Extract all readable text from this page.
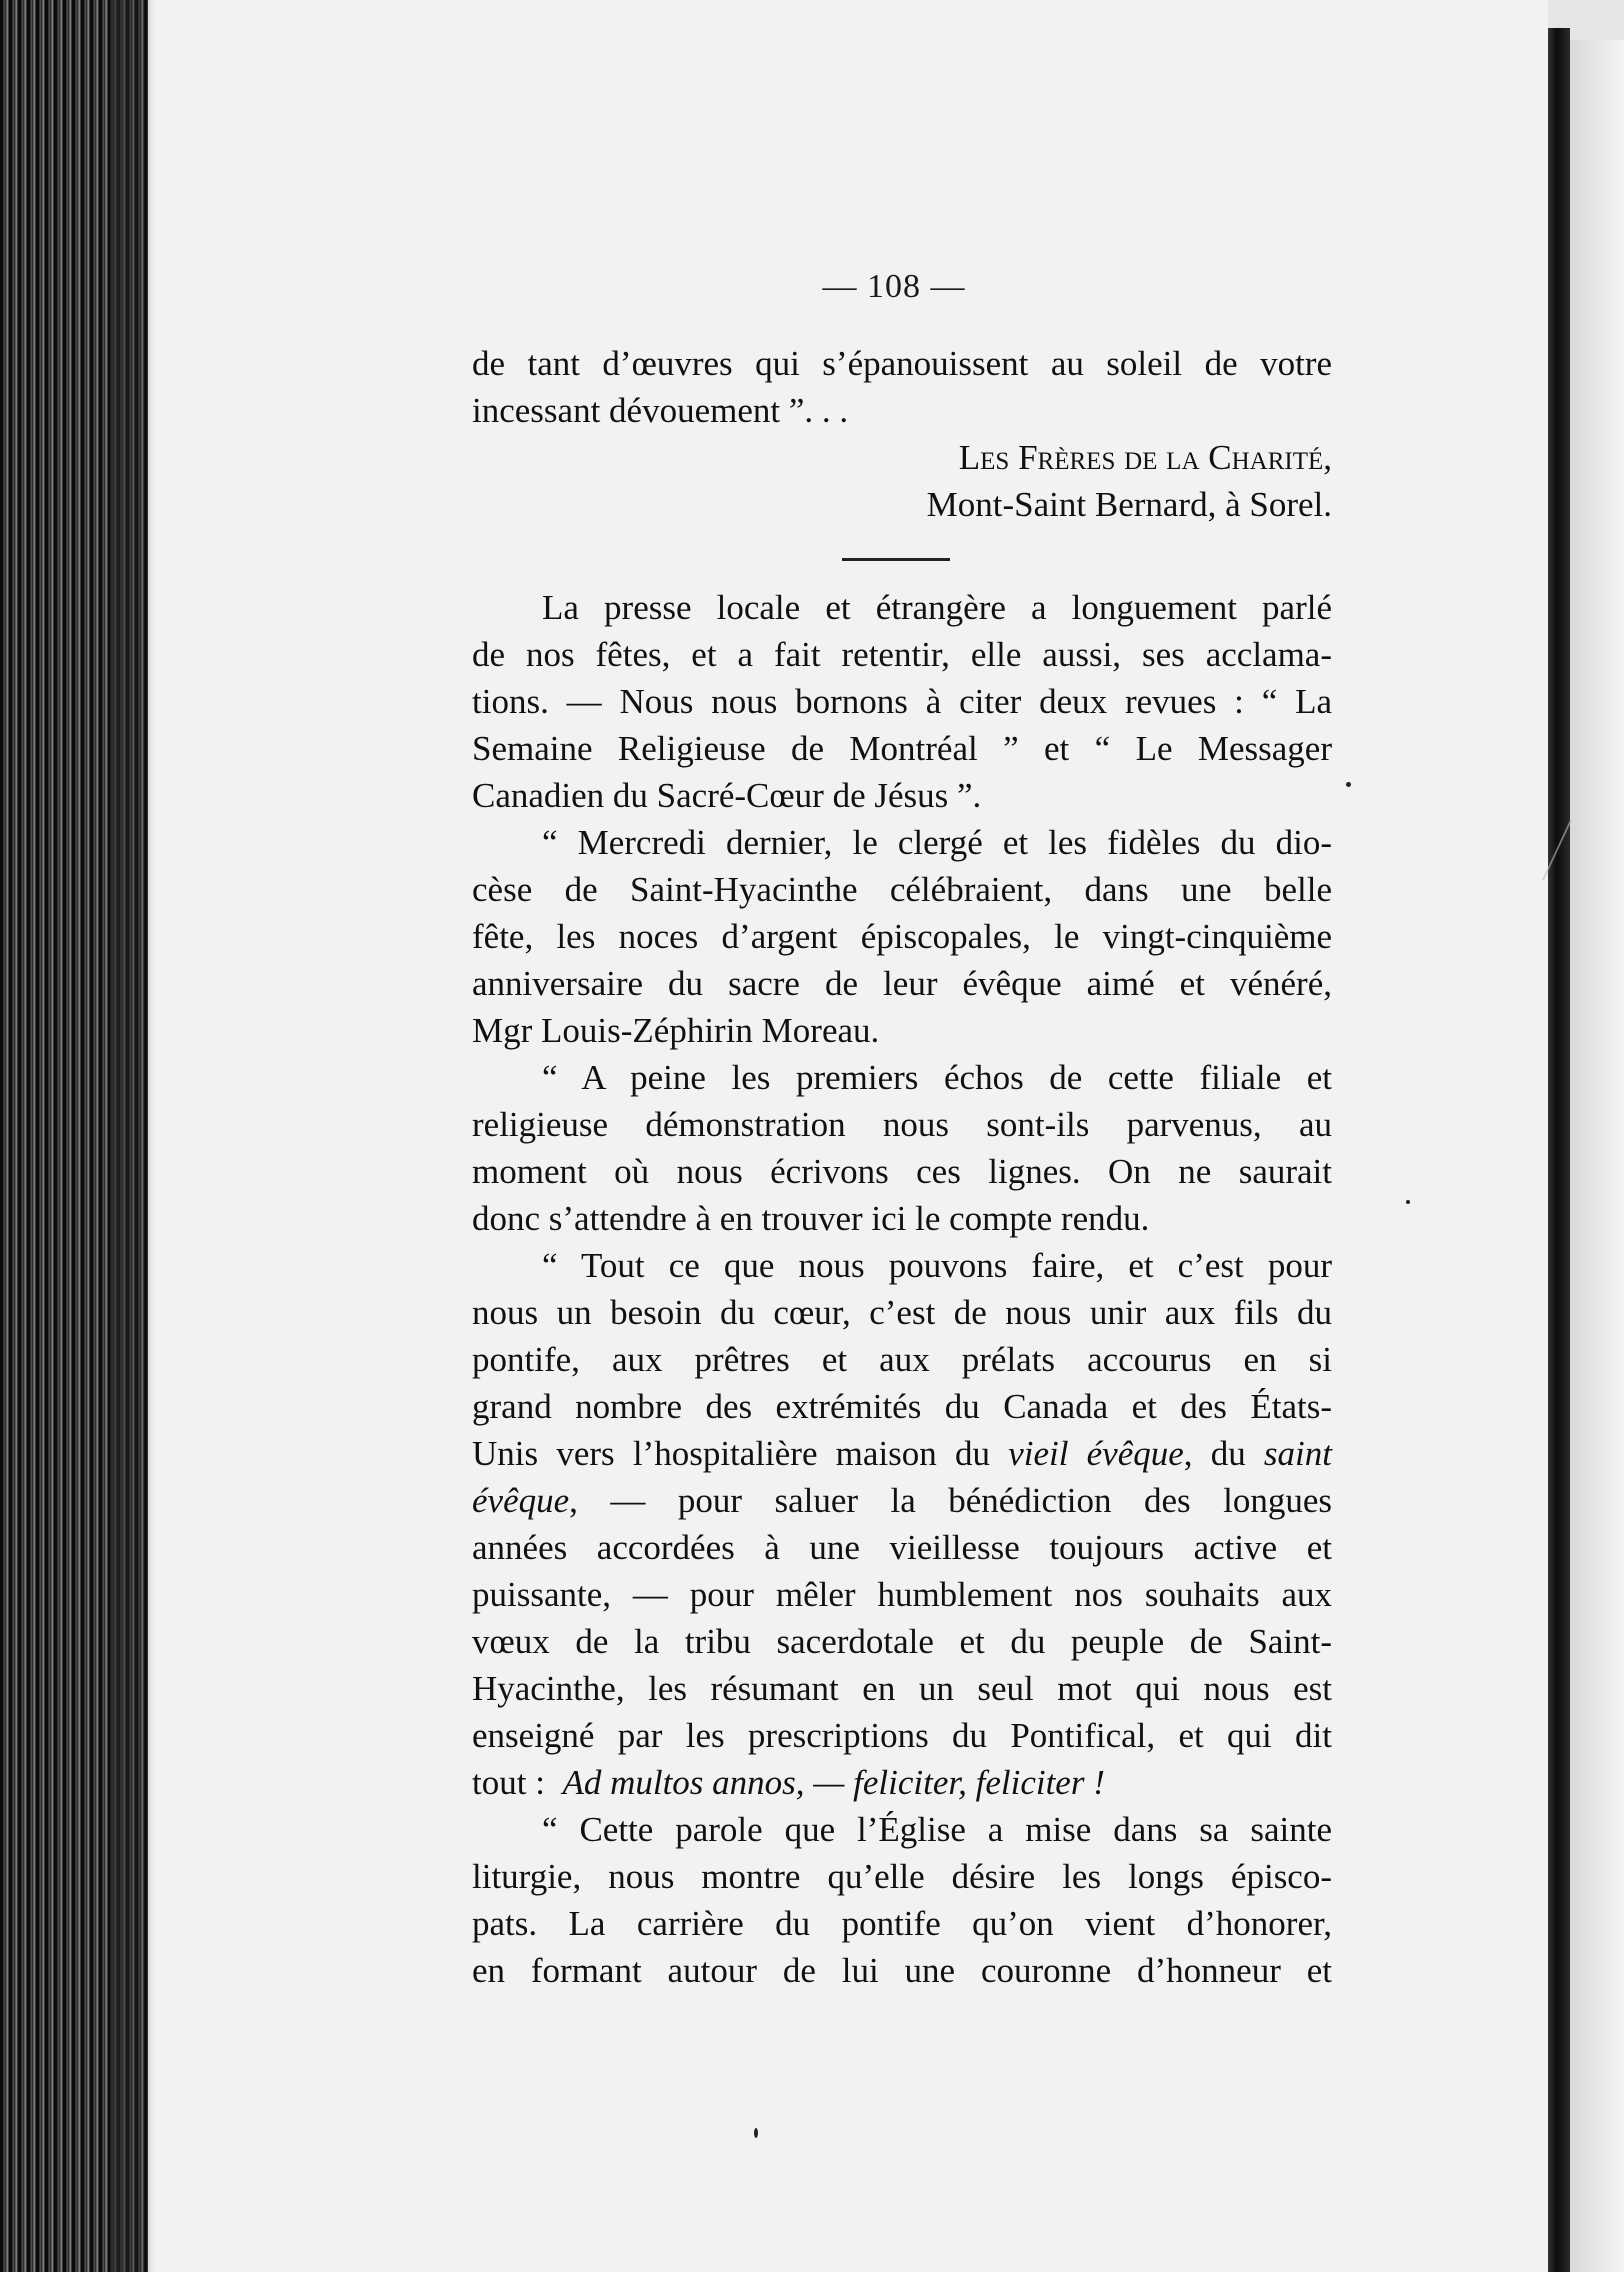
— 108 —
de tant d’œuvres qui s’épanouissent au soleil de votre
incessant dévouement ”. . .
Les Frères de la Charité,
Mont-Saint Bernard, à Sorel.
La presse locale et étrangère a longuement parlé
de nos fêtes, et a fait retentir, elle aussi, ses acclama-
tions. — Nous nous bornons à citer deux revues : “ La
Semaine Religieuse de Montréal ” et “ Le Messager
Canadien du Sacré-Cœur de Jésus ”.
“ Mercredi dernier, le clergé et les fidèles du dio-
cèse de Saint-Hyacinthe célébraient, dans une belle
fête, les noces d’argent épiscopales, le vingt-cinquième
anniversaire du sacre de leur évêque aimé et vénéré,
Mgr Louis-Zéphirin Moreau.
“ A peine les premiers échos de cette filiale et
religieuse démonstration nous sont-ils parvenus, au
moment où nous écrivons ces lignes. On ne saurait
donc s’attendre à en trouver ici le compte rendu.
“ Tout ce que nous pouvons faire, et c’est pour
nous un besoin du cœur, c’est de nous unir aux fils du
pontife, aux prêtres et aux prélats accourus en si
grand nombre des extrémités du Canada et des États-
Unis vers l’hospitalière maison du vieil évêque, du saint
évêque, — pour saluer la bénédiction des longues
années accordées à une vieillesse toujours active et
puissante, — pour mêler humblement nos souhaits aux
vœux de la tribu sacerdotale et du peuple de Saint-
Hyacinthe, les résumant en un seul mot qui nous est
enseigné par les prescriptions du Pontifical, et qui dit
tout : Ad multos annos, — feliciter, feliciter !
“ Cette parole que l’Église a mise dans sa sainte
liturgie, nous montre qu’elle désire les longs épisco-
pats. La carrière du pontife qu’on vient d’honorer,
en formant autour de lui une couronne d’honneur et
